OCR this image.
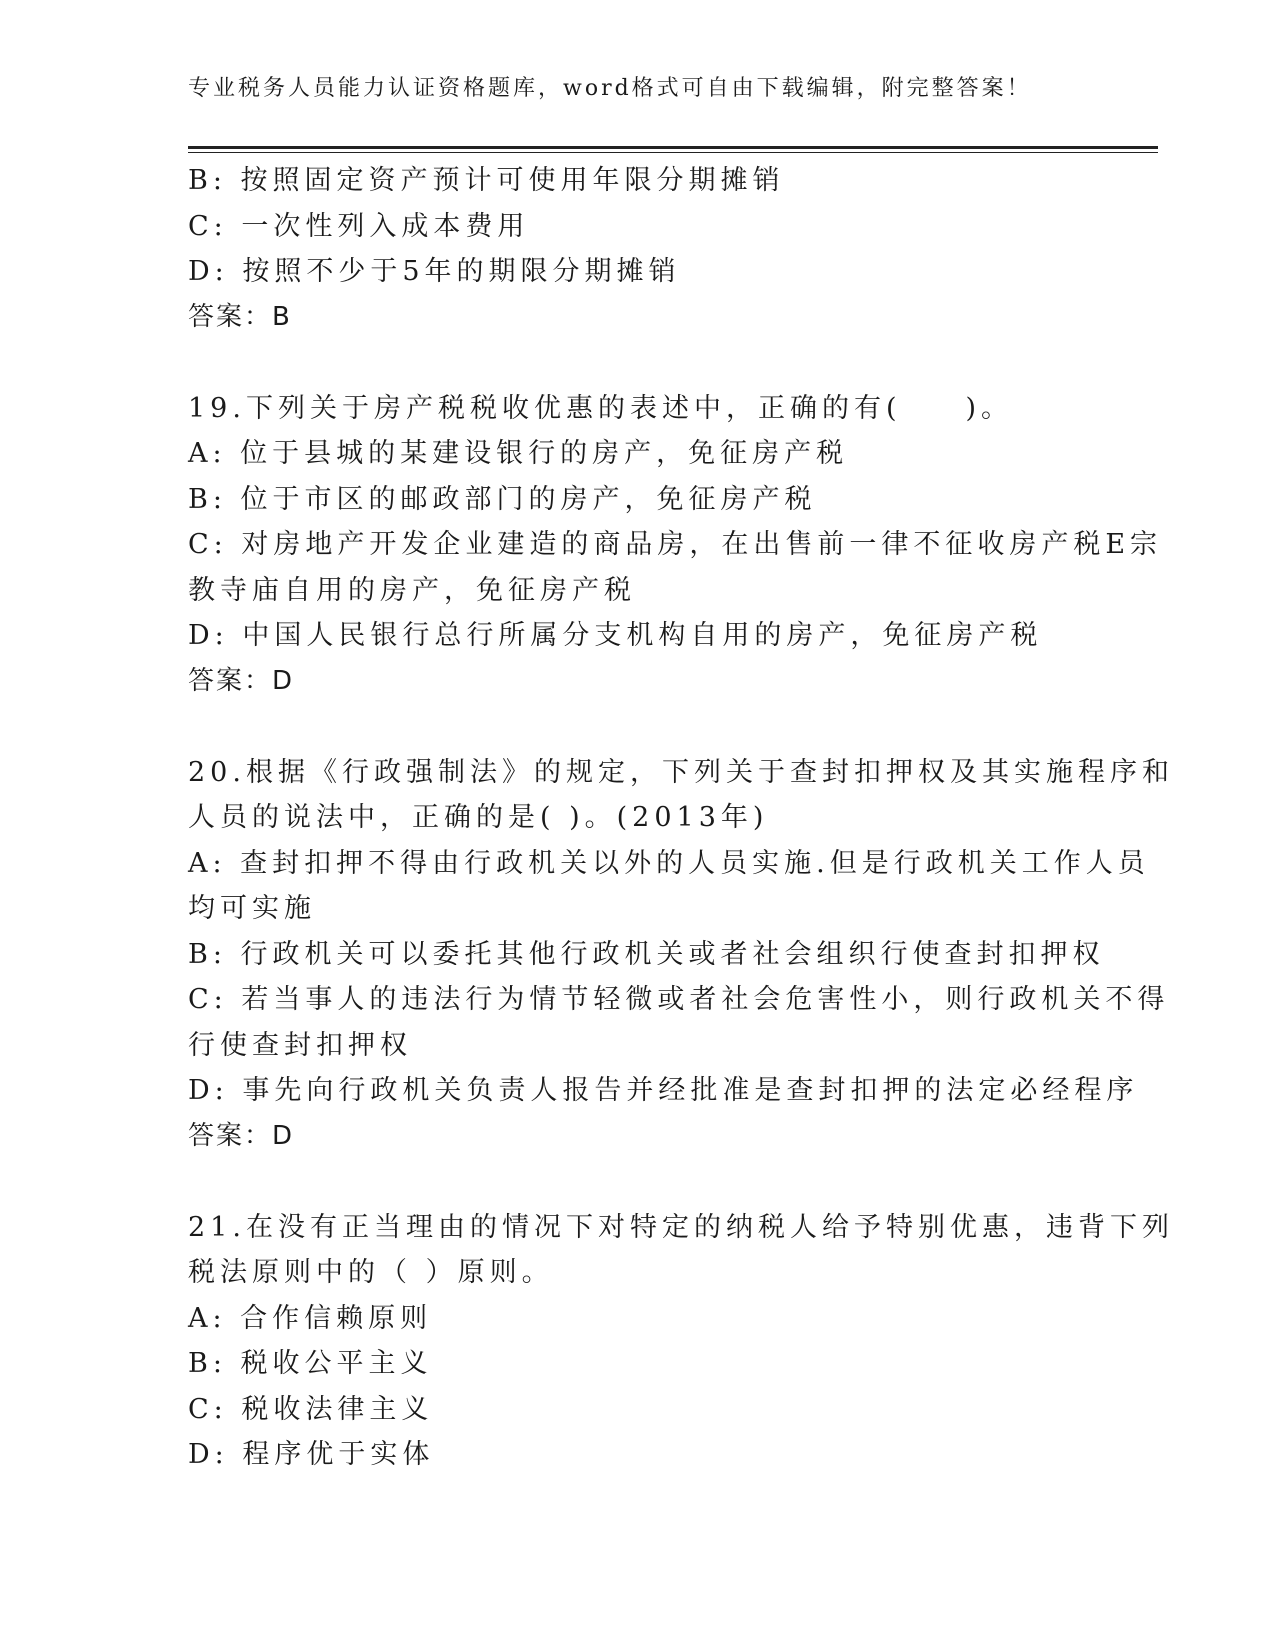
专业税务人员能力认证资格题库，word格式可自由下载编辑，附完整答案！

B: 按照固定资产预计可使用年限分期摊销

C: 一次性列入成本费用

D: 按照不少于5年的期限分期摊销

答案：B

19.下列关于房产税税收优惠的表述中，正确的有(　　)。

A: 位于县城的某建设银行的房产，免征房产税

B: 位于市区的邮政部门的房产，免征房产税

C: 对房地产开发企业建造的商品房，在出售前一律不征收房产税E宗

教寺庙自用的房产，免征房产税

D: 中国人民银行总行所属分支机构自用的房产，免征房产税

答案：D

20.根据《行政强制法》的规定，下列关于查封扣押权及其实施程序和

人员的说法中，正确的是( )。(2013年)

A: 查封扣押不得由行政机关以外的人员实施.但是行政机关工作人员

均可实施

B: 行政机关可以委托其他行政机关或者社会组织行使查封扣押权

C: 若当事人的违法行为情节轻微或者社会危害性小，则行政机关不得

行使查封扣押权

D: 事先向行政机关负责人报告并经批准是查封扣押的法定必经程序

答案：D

21.在没有正当理由的情况下对特定的纳税人给予特别优惠，违背下列

税法原则中的（ ）原则。

A: 合作信赖原则

B: 税收公平主义

C: 税收法律主义

D: 程序优于实体
